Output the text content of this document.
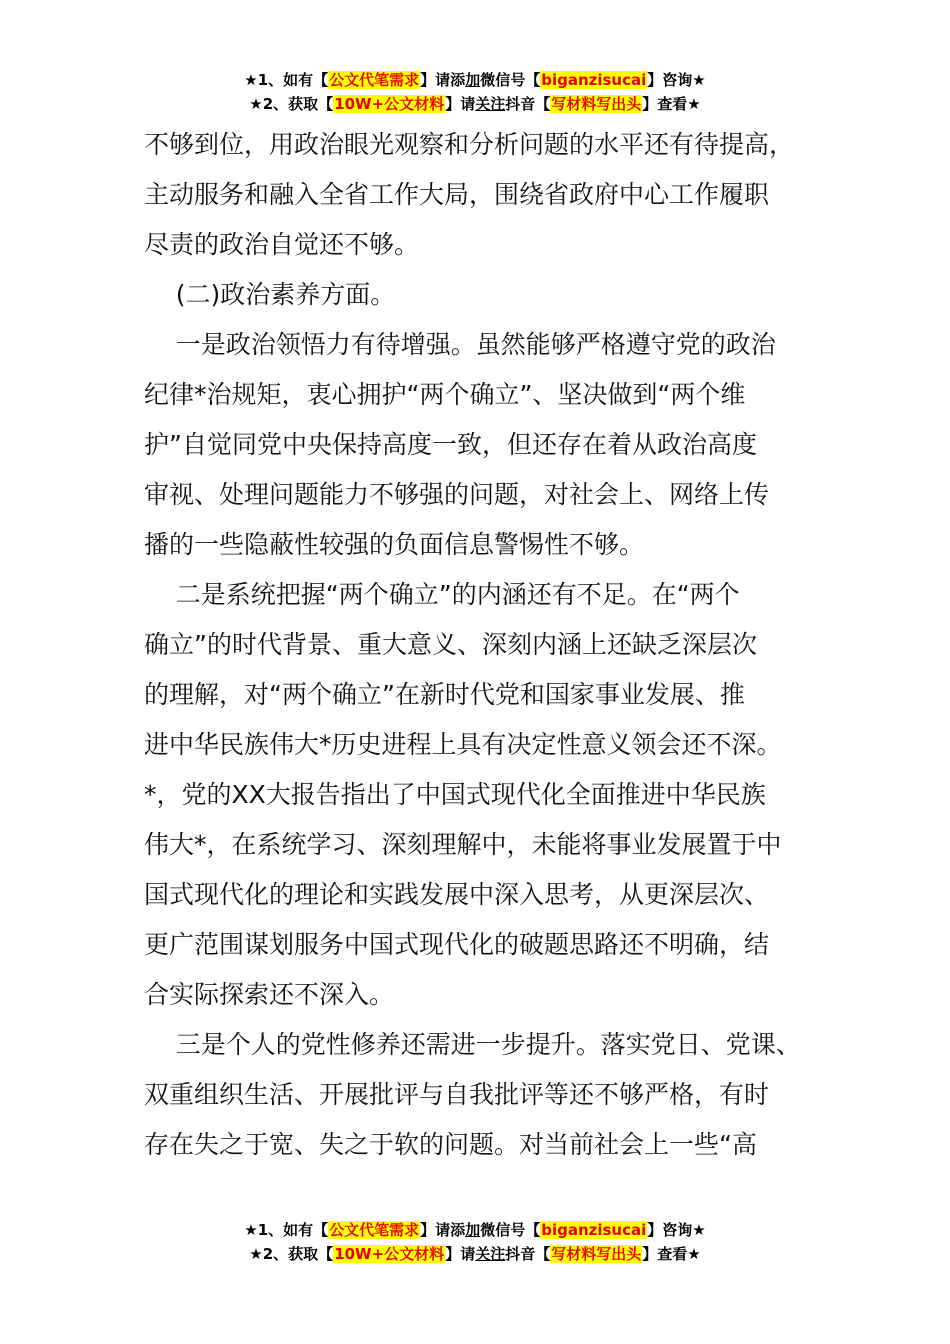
★1、如有【公文代笔需求】请添加微信号【biganzisucai】咨询★
★2、获取【10W+公文材料】请关注抖音【写材料写出头】查看★

不够到位，用政治眼光观察和分析问题的水平还有待提高，

主动服务和融入全省工作大局，围绕省政府中心工作履职

尽责的政治自觉还不够。

(二)政治素养方面。

一是政治领悟力有待增强。虽然能够严格遵守党的政治

纪律*治规矩，衷心拥护“两个确立”、坚决做到“两个维

护”自觉同党中央保持高度一致，但还存在着从政治高度

审视、处理问题能力不够强的问题，对社会上、网络上传

播的一些隐蔽性较强的负面信息警惕性不够。

二是系统把握“两个确立”的内涵还有不足。在“两个

确立”的时代背景、重大意义、深刻内涵上还缺乏深层次

的理解，对“两个确立”在新时代党和国家事业发展、推

进中华民族伟大*历史进程上具有决定性意义领会还不深。

*，党的XX大报告指出了中国式现代化全面推进中华民族

伟大*，在系统学习、深刻理解中，未能将事业发展置于中

国式现代化的理论和实践发展中深入思考，从更深层次、

更广范围谋划服务中国式现代化的破题思路还不明确，结

合实际探索还不深入。

三是个人的党性修养还需进一步提升。落实党日、党课、

双重组织生活、开展批评与自我批评等还不够严格，有时

存在失之于宽、失之于软的问题。对当前社会上一些“高

★1、如有【公文代笔需求】请添加微信号【biganzisucai】咨询★
★2、获取【10W+公文材料】请关注抖音【写材料写出头】查看★
